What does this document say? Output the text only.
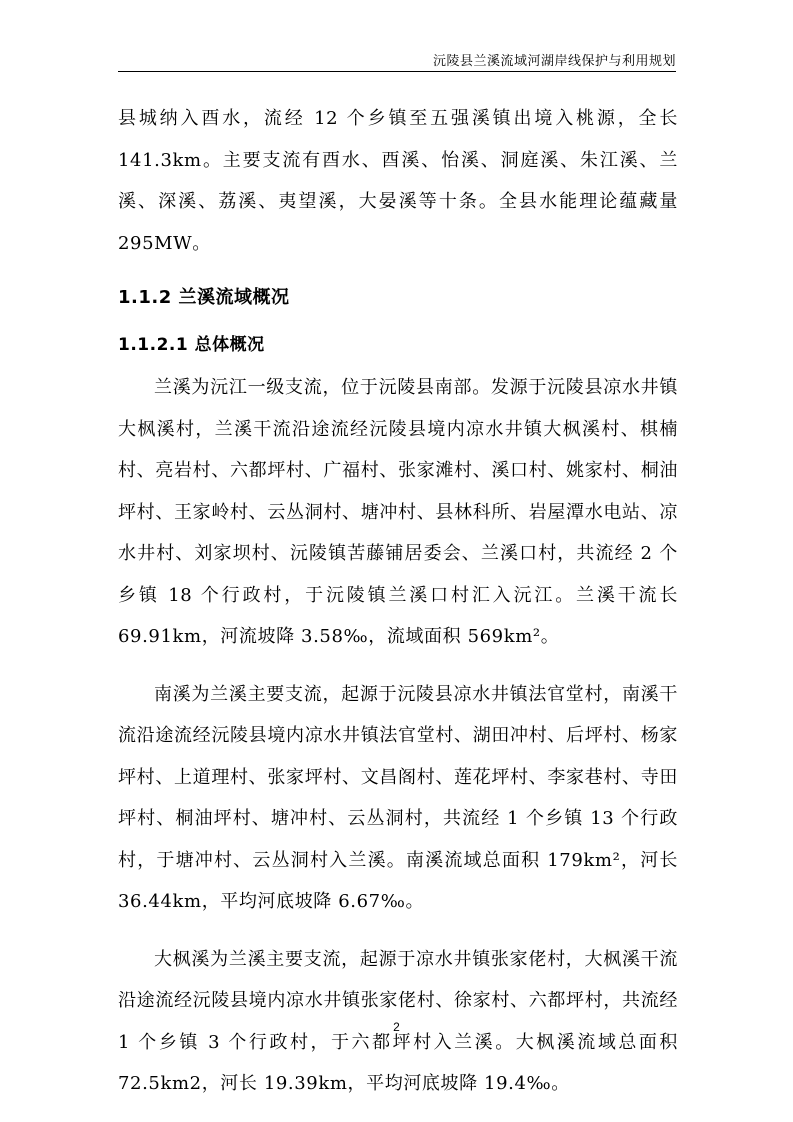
沅陵县兰溪流域河湖岸线保护与利用规划

县城纳入酉水，流经 12 个乡镇至五强溪镇出境入桃源，全长 141.3km。主要支流有酉水、酉溪、怡溪、洞庭溪、朱江溪、兰溪、深溪、荔溪、夷望溪，大晏溪等十条。全县水能理论蕴藏量 295MW。

1.1.2 兰溪流域概况

1.1.2.1 总体概况

兰溪为沅江一级支流，位于沅陵县南部。发源于沅陵县凉水井镇大枫溪村，兰溪干流沿途流经沅陵县境内凉水井镇大枫溪村、棋楠村、亮岩村、六都坪村、广福村、张家滩村、溪口村、姚家村、桐油坪村、王家岭村、云丛洞村、塘冲村、县林科所、岩屋潭水电站、凉水井村、刘家坝村、沅陵镇苦藤铺居委会、兰溪口村，共流经 2 个乡镇 18 个行政村，于沅陵镇兰溪口村汇入沅江。兰溪干流长 69.91km，河流坡降 3.58‰，流域面积 569km²。

南溪为兰溪主要支流，起源于沅陵县凉水井镇法官堂村，南溪干流沿途流经沅陵县境内凉水井镇法官堂村、湖田冲村、后坪村、杨家坪村、上道理村、张家坪村、文昌阁村、莲花坪村、李家巷村、寺田坪村、桐油坪村、塘冲村、云丛洞村，共流经 1 个乡镇 13 个行政村，于塘冲村、云丛洞村入兰溪。南溪流域总面积 179km²，河长 36.44km，平均河底坡降 6.67‰。

大枫溪为兰溪主要支流，起源于凉水井镇张家佬村，大枫溪干流沿途流经沅陵县境内凉水井镇张家佬村、徐家村、六都坪村，共流经 1 个乡镇 3 个行政村，于六都坪村入兰溪。大枫溪流域总面积 72.5km2，河长 19.39km，平均河底坡降 19.4‰。

2
